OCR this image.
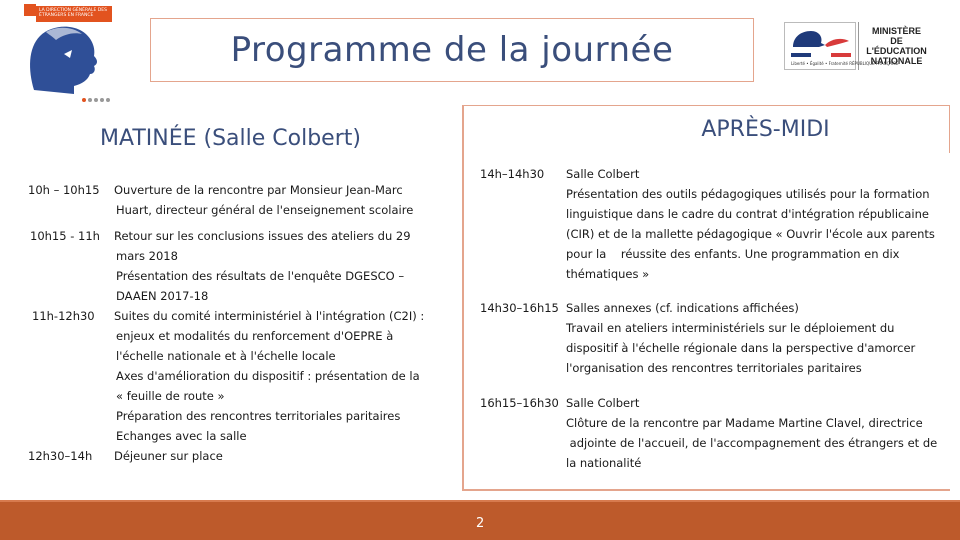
LA DIRECTION GÉNÉRALE DES ÉTRANGERS EN FRANCE
Programme de la journée	Liberté • Égalité • Fraternité RÉPUBLIQUE FRANÇAISE
MINISTÈRE
DE L'ÉDUCATION
NATIONALE
MATINÉE (Salle Colbert)	APRÈS-MIDI
10h – 10h15	Ouverture de la rencontre par Monsieur Jean-Marc
Huart, directeur général de l'enseignement scolaire
10h15 - 11h	Retour sur les conclusions issues des ateliers du 29
mars 2018
Présentation des résultats de l'enquête DGESCO –
DAAEN 2017-18
11h-12h30	Suites du comité interministériel à l'intégration (C2I) :
enjeux et modalités du renforcement d'OEPRE à
l'échelle nationale et à l'échelle locale
Axes d'amélioration du dispositif : présentation de la
« feuille de route »
Préparation des rencontres territoriales paritaires
Echanges avec la salle
12h30–14h	Déjeuner sur place
14h–14h30	Salle Colbert
Présentation des outils pédagogiques utilisés pour la formation
linguistique dans le cadre du contrat d'intégration républicaine
(CIR) et de la mallette pédagogique « Ouvrir l'école aux parents
pour la    réussite des enfants. Une programmation en dix
thématiques »
14h30–16h15 Salles annexes (cf. indications affichées)
Travail en ateliers interministériels sur le déploiement du
dispositif à l'échelle régionale dans la perspective d'amorcer
l'organisation des rencontres territoriales paritaires
16h15–16h30 Salle Colbert
Clôture de la rencontre par Madame Martine Clavel, directrice
adjointe de l'accueil, de l'accompagnement des étrangers et de
la nationalité
2
